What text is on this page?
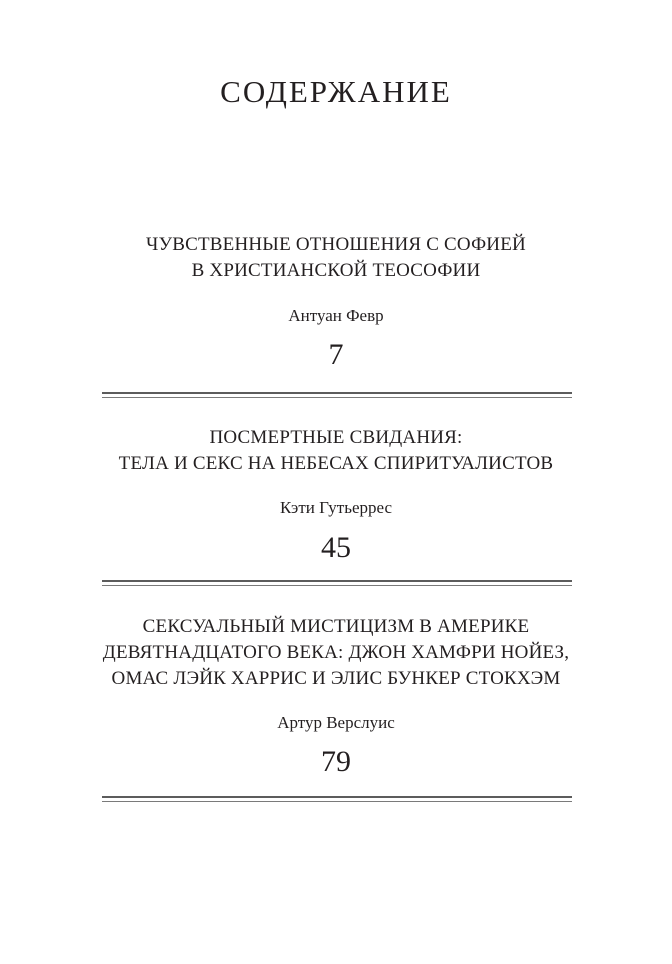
СОДЕРЖАНИЕ
ЧУВСТВЕННЫЕ ОТНОШЕНИЯ С СОФИЕЙ
В ХРИСТИАНСКОЙ ТЕОСОФИИ
Антуан Февр
7
ПОСМЕРТНЫЕ СВИДАНИЯ:
ТЕЛА И СЕКС НА НЕБЕСАХ СПИРИТУАЛИСТОВ
Кэти Гутьеррес
45
СЕКСУАЛЬНЫЙ МИСТИЦИЗМ В АМЕРИКЕ
ДЕВЯТНАДЦАТОГО ВЕКА: ДЖОН ХАМФРИ НОЙЕЗ,
ОМАС ЛЭЙК ХАРРИС И ЭЛИС БУНКЕР СТОКХЭМ
Артур Верслуис
79
